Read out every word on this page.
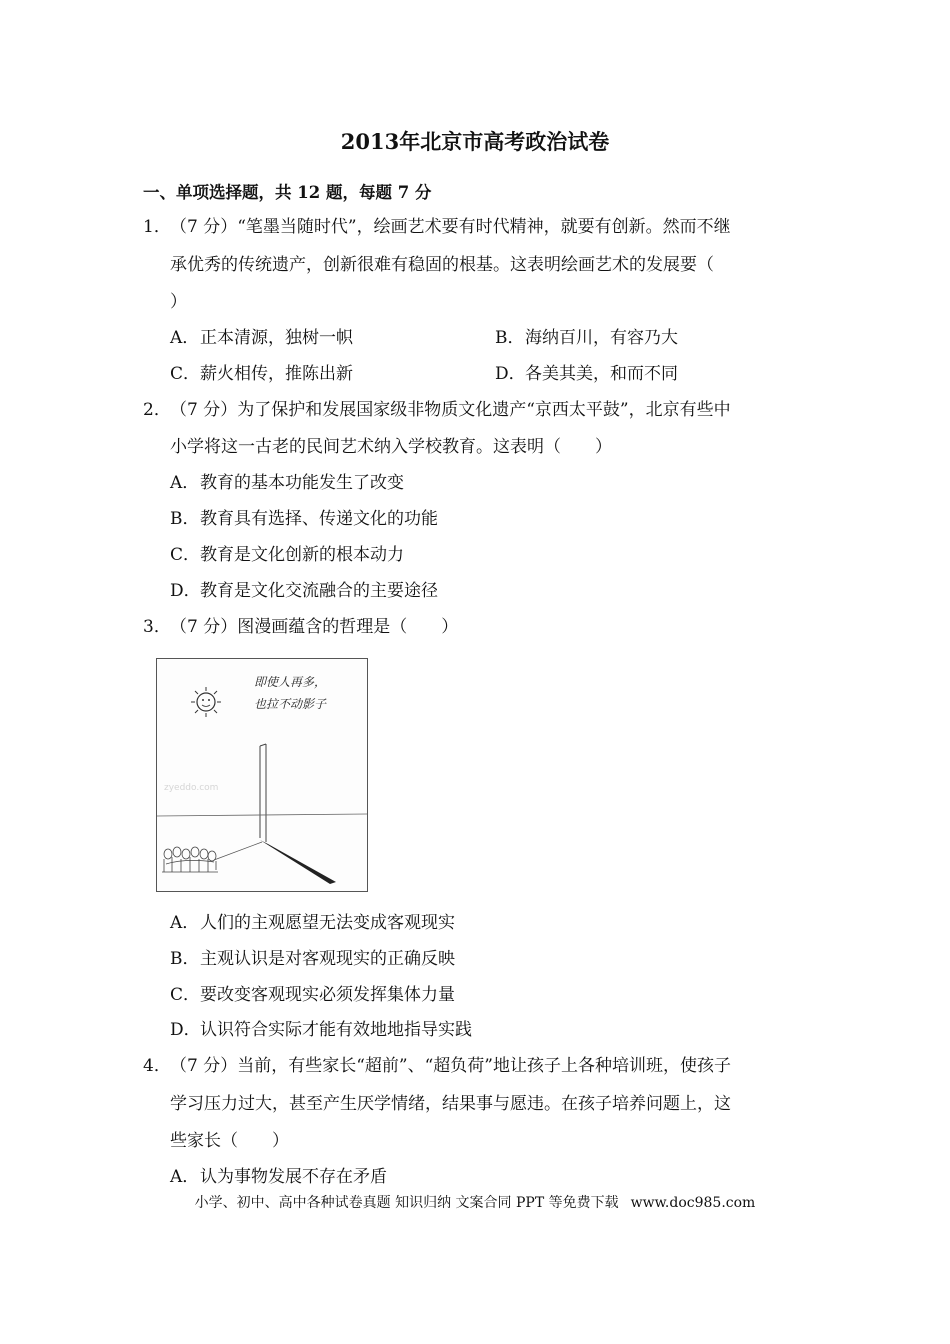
2013年北京市高考政治试卷
一、单项选择题，共 12 题，每题 7 分
1． （7 分）“笔墨当随时代”，绘画艺术要有时代精神，就要有创新。然而不继
承优秀的传统遗产，创新很难有稳固的根基。这表明绘画艺术的发展要（
）
A．正本清源，独树一帜	B．海纳百川，有容乃大
C．薪火相传，推陈出新	D．各美其美，和而不同
2． （7 分）为了保护和发展国家级非物质文化遗产“京西太平鼓”，北京有些中
小学将这一古老的民间艺术纳入学校教育。这表明（　　）
A．教育的基本功能发生了改变
B．教育具有选择、传递文化的功能
C．教育是文化创新的根本动力
D．教育是文化交流融合的主要途径
3． （7 分）图漫画蕴含的哲理是（　　）
即使人再多，
也拉不动影子
zyeddo.com
A．人们的主观愿望无法变成客观现实
B．主观认识是对客观现实的正确反映
C．要改变客观现实必须发挥集体力量
D．认识符合实际才能有效地地指导实践
4． （7 分）当前，有些家长“超前”、“超负荷”地让孩子上各种培训班，使孩子
学习压力过大，甚至产生厌学情绪，结果事与愿违。在孩子培养问题上，这
些家长（　　）
A．认为事物发展不存在矛盾
小学、初中、高中各种试卷真题 知识归纳 文案合同 PPT 等免费下载 www.doc985.com
